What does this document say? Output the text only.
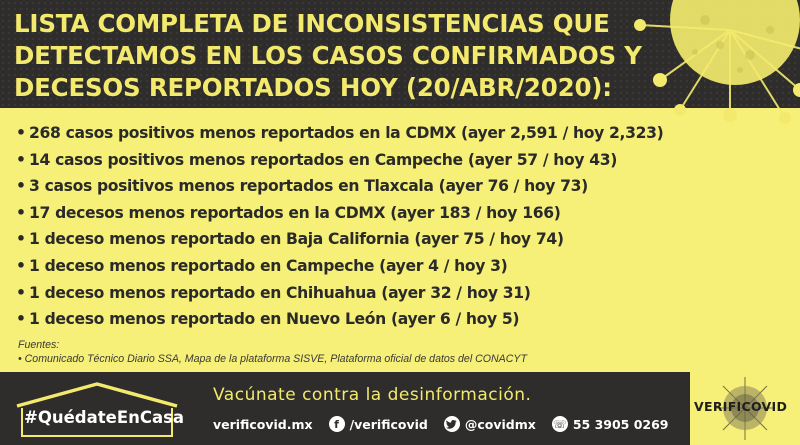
LISTA COMPLETA DE INCONSISTENCIAS QUE
DETECTAMOS EN LOS CASOS CONFIRMADOS Y
DECESOS REPORTADOS HOY (20/ABR/2020):
• 268 casos positivos menos reportados en la CDMX (ayer 2,591 / hoy 2,323)
• 14 casos positivos menos reportados en Campeche (ayer 57 / hoy 43)
• 3 casos positivos menos reportados en Tlaxcala (ayer 76 / hoy 73)
• 17 decesos menos reportados en la CDMX (ayer 183 / hoy 166)
• 1 deceso menos reportado en Baja California (ayer 75 / hoy 74)
• 1 deceso menos reportado en Campeche (ayer 4 / hoy 3)
• 1 deceso menos reportado en Chihuahua (ayer 32 / hoy 31)
• 1 deceso menos reportado en Nuevo León (ayer 6 / hoy 5)
Fuentes:
• Comunicado Técnico Diario SSA, Mapa de la plataforma SISVE, Plataforma oficial de datos del CONACYT
#QuédateEnCasa
Vacúnate contra la desinformación.
verificovid.mx	f /verificovid	@covidmx ☏ 55 3905 0269
VERIFICOVID
